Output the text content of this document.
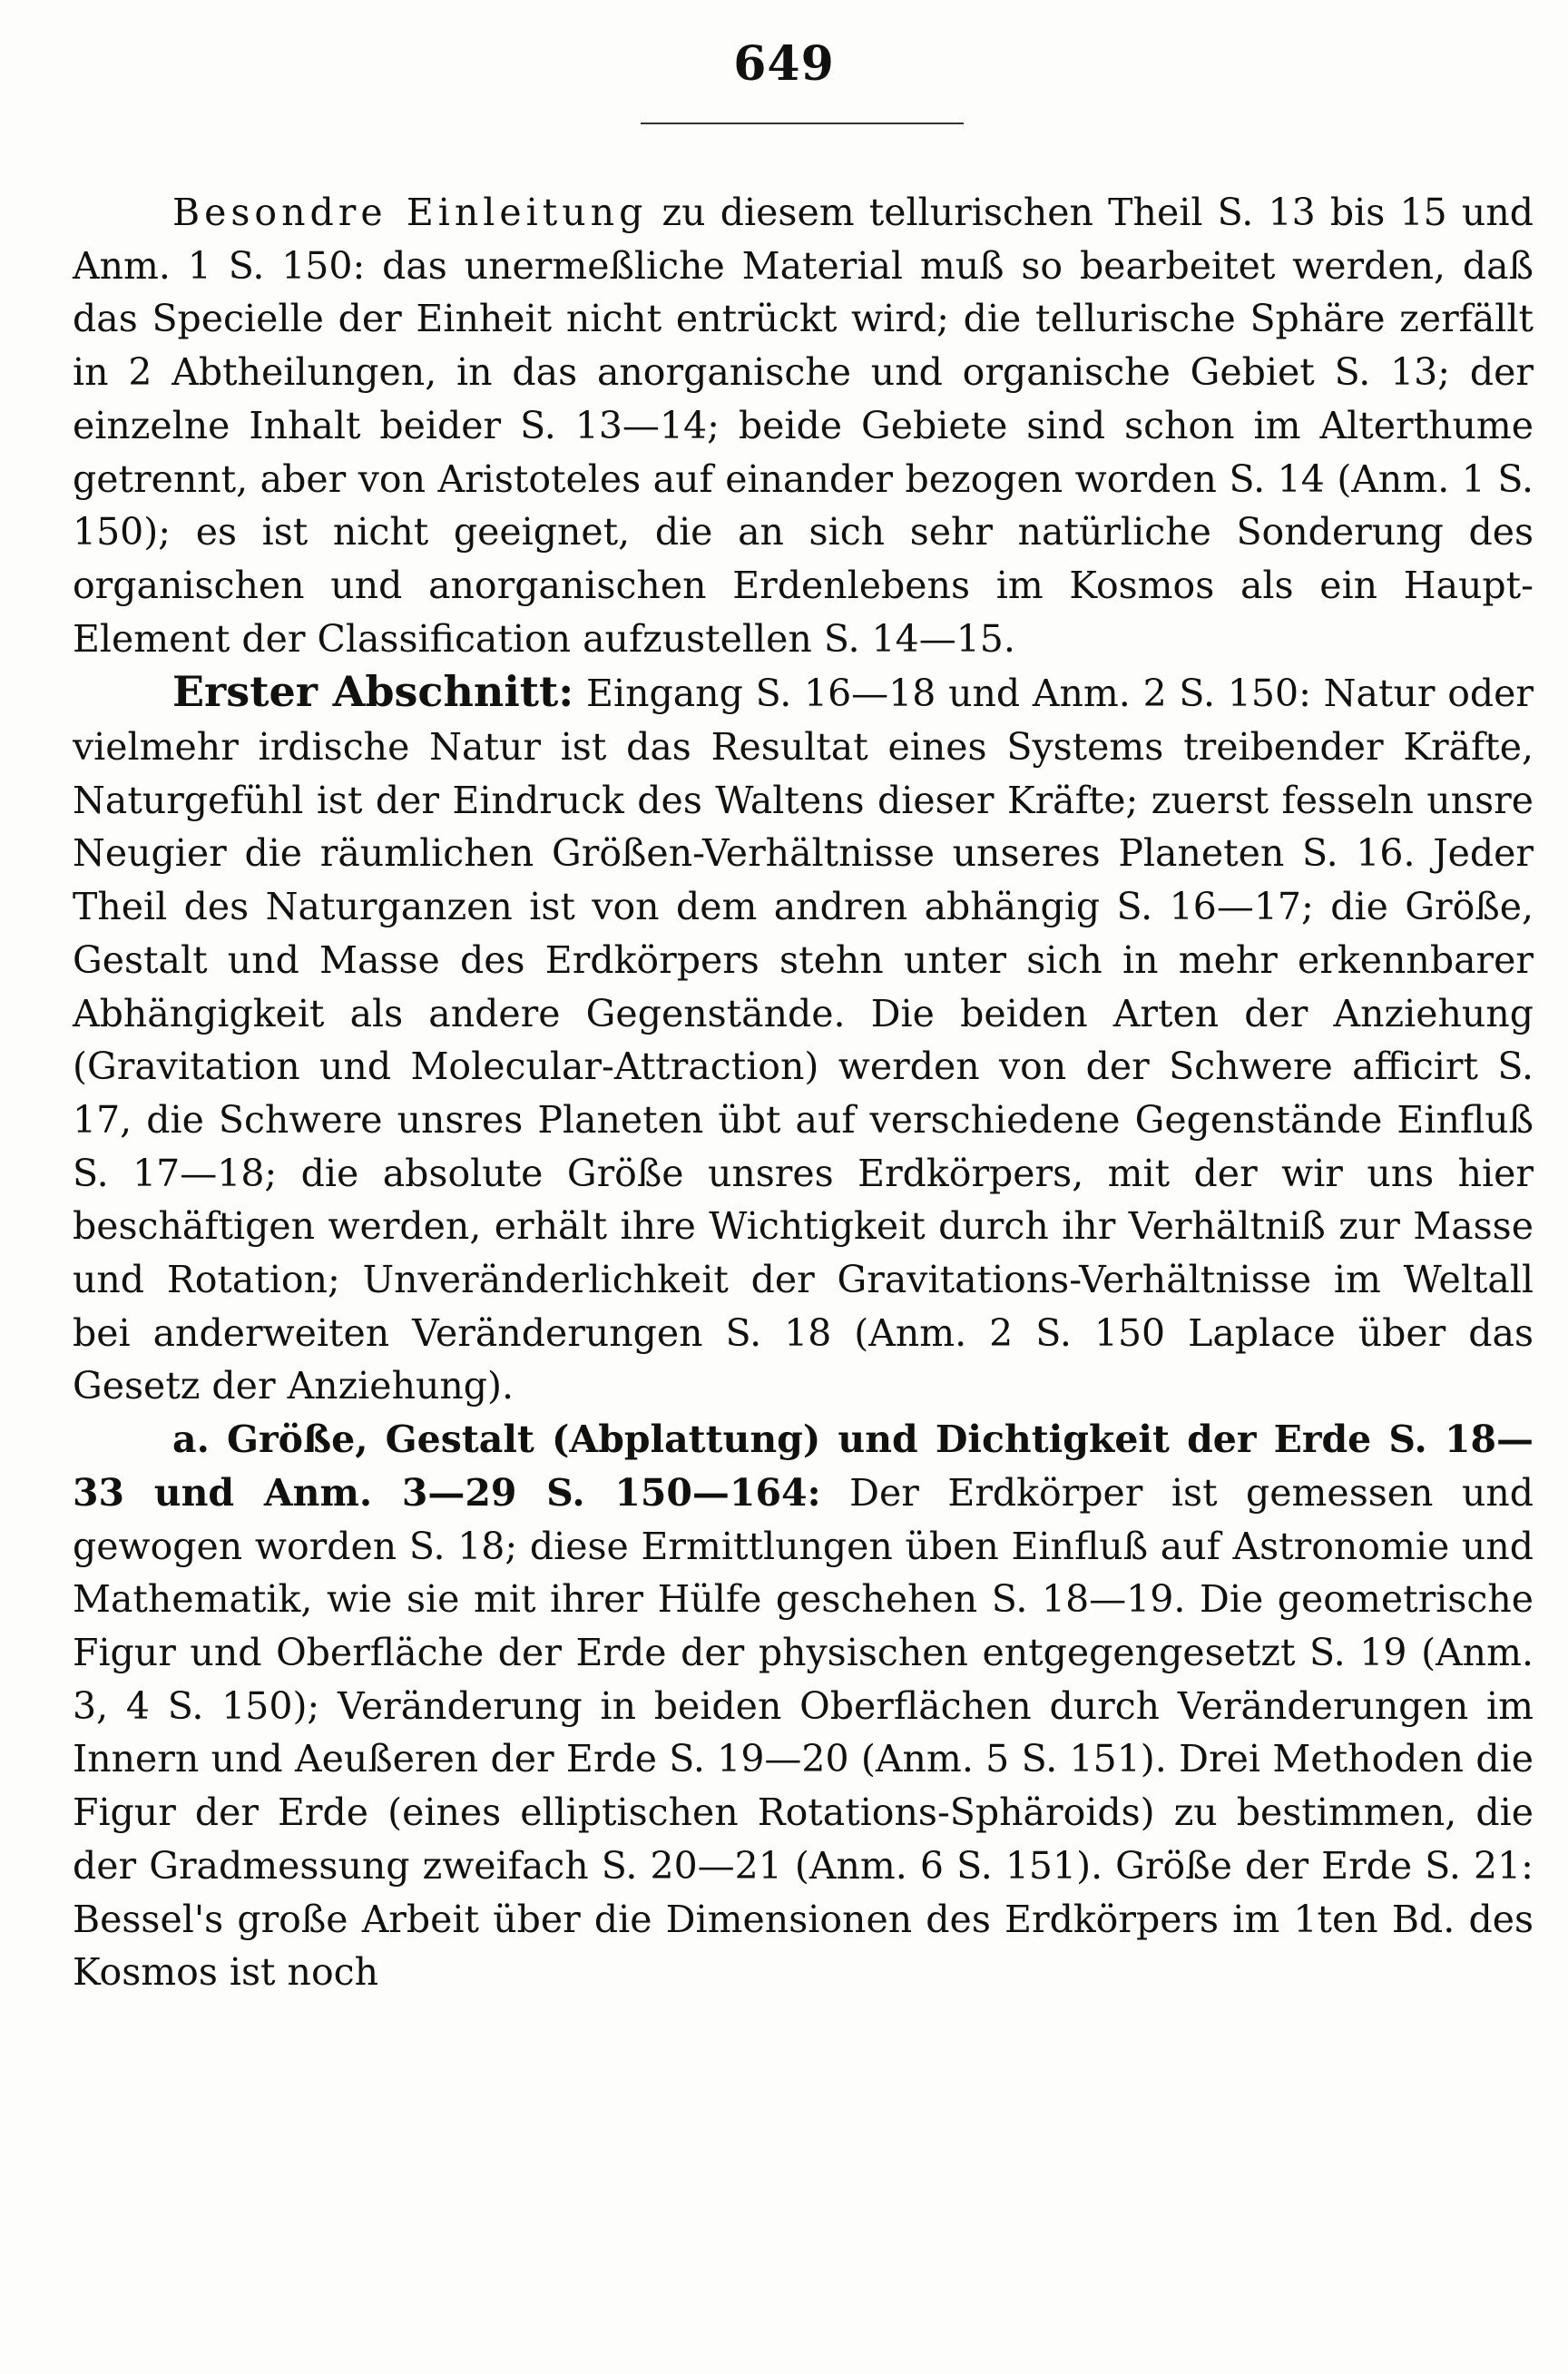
649

Besondre Einleitung zu diesem tellurischen Theil S. 13 bis 15 und Anm. 1 S. 150: das unermeßliche Material muß so bearbeitet werden, daß das Specielle der Einheit nicht entrückt wird; die tellurische Sphäre zerfällt in 2 Abtheilungen, in das anorganische und organische Gebiet S. 13; der einzelne Inhalt beider S. 13—14; beide Gebiete sind schon im Alterthume getrennt, aber von Aristoteles auf einander bezogen worden S. 14 (Anm. 1 S. 150); es ist nicht geeignet, die an sich sehr natürliche Sonderung des organischen und anorganischen Erdenlebens im Kosmos als ein Haupt-Element der Classification aufzustellen S. 14—15.

Erster Abschnitt: Eingang S. 16—18 und Anm. 2 S. 150: Natur oder vielmehr irdische Natur ist das Resultat eines Systems treibender Kräfte, Naturgefühl ist der Eindruck des Waltens dieser Kräfte; zuerst fesseln unsre Neugier die räumlichen Größen-Verhältnisse unseres Planeten S. 16. Jeder Theil des Naturganzen ist von dem andren abhängig S. 16—17; die Größe, Gestalt und Masse des Erdkörpers stehn unter sich in mehr erkennbarer Abhängigkeit als andere Gegenstände. Die beiden Arten der Anziehung (Gravitation und Molecular-Attraction) werden von der Schwere afficirt S. 17, die Schwere unsres Planeten übt auf verschiedene Gegenstände Einfluß S. 17—18; die absolute Größe unsres Erdkörpers, mit der wir uns hier beschäftigen werden, erhält ihre Wichtigkeit durch ihr Verhältniß zur Masse und Rotation; Unveränderlichkeit der Gravitations-Verhältnisse im Weltall bei anderweiten Veränderungen S. 18 (Anm. 2 S. 150 Laplace über das Gesetz der Anziehung).

a. Größe, Gestalt (Abplattung) und Dichtigkeit der Erde S. 18—33 und Anm. 3—29 S. 150—164: Der Erdkörper ist gemessen und gewogen worden S. 18; diese Ermittlungen üben Einfluß auf Astronomie und Mathematik, wie sie mit ihrer Hülfe geschehen S. 18—19. Die geometrische Figur und Oberfläche der Erde der physischen entgegengesetzt S. 19 (Anm. 3, 4 S. 150); Veränderung in beiden Oberflächen durch Veränderungen im Innern und Aeußeren der Erde S. 19—20 (Anm. 5 S. 151). Drei Methoden die Figur der Erde (eines elliptischen Rotations-Sphäroids) zu bestimmen, die der Gradmessung zweifach S. 20—21 (Anm. 6 S. 151). Größe der Erde S. 21: Bessel's große Arbeit über die Dimensionen des Erdkörpers im 1ten Bd. des Kosmos ist noch
